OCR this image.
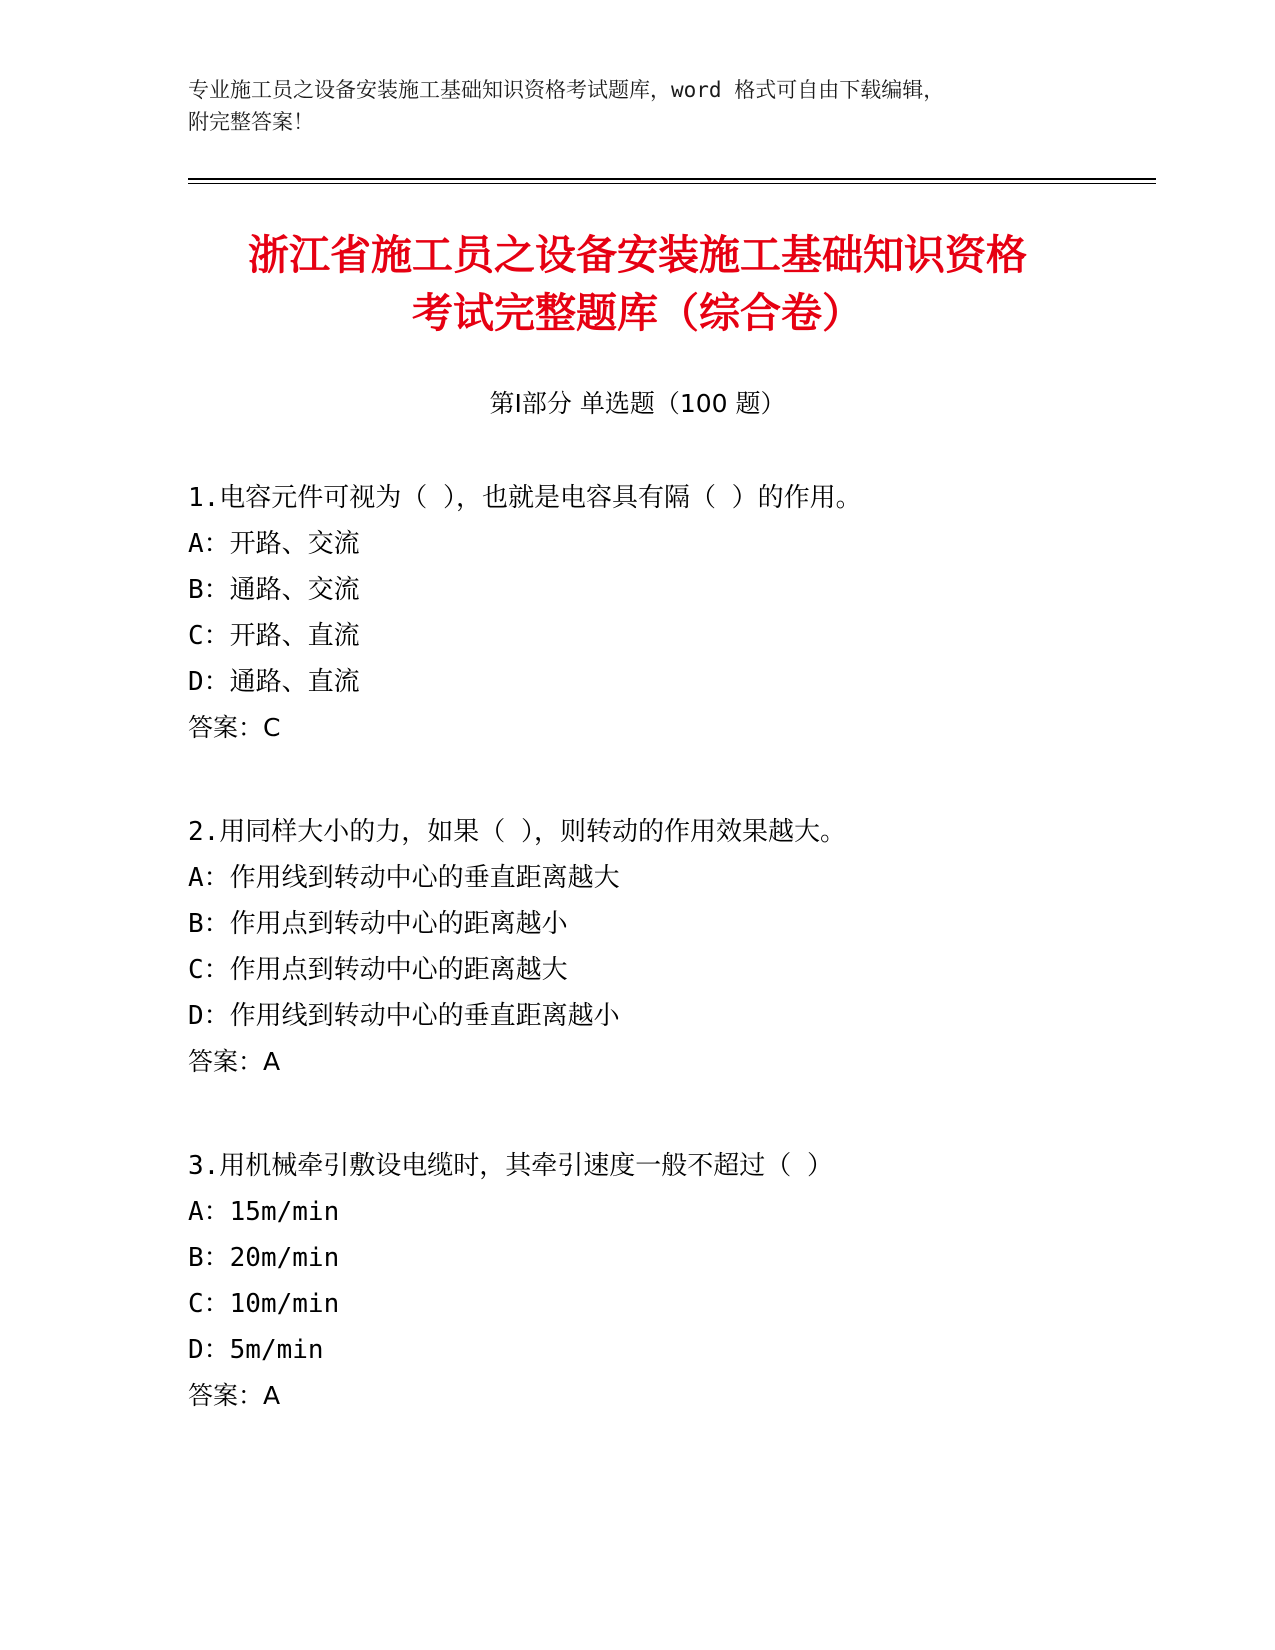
专业施工员之设备安装施工基础知识资格考试题库，word 格式可自由下载编辑，
附完整答案！
浙江省施工员之设备安装施工基础知识资格
考试完整题库（综合卷）
第Ⅰ部分 单选题（100 题）
1.电容元件可视为（ ），也就是电容具有隔（ ）的作用。
A：开路、交流
B：通路、交流
C：开路、直流
D：通路、直流
答案：C
2.用同样大小的力，如果（ ），则转动的作用效果越大。
A：作用线到转动中心的垂直距离越大
B：作用点到转动中心的距离越小
C：作用点到转动中心的距离越大
D：作用线到转动中心的垂直距离越小
答案：A
3.用机械牵引敷设电缆时，其牵引速度一般不超过（ ）
A：15m/min
B：20m/min
C：10m/min
D：5m/min
答案：A
